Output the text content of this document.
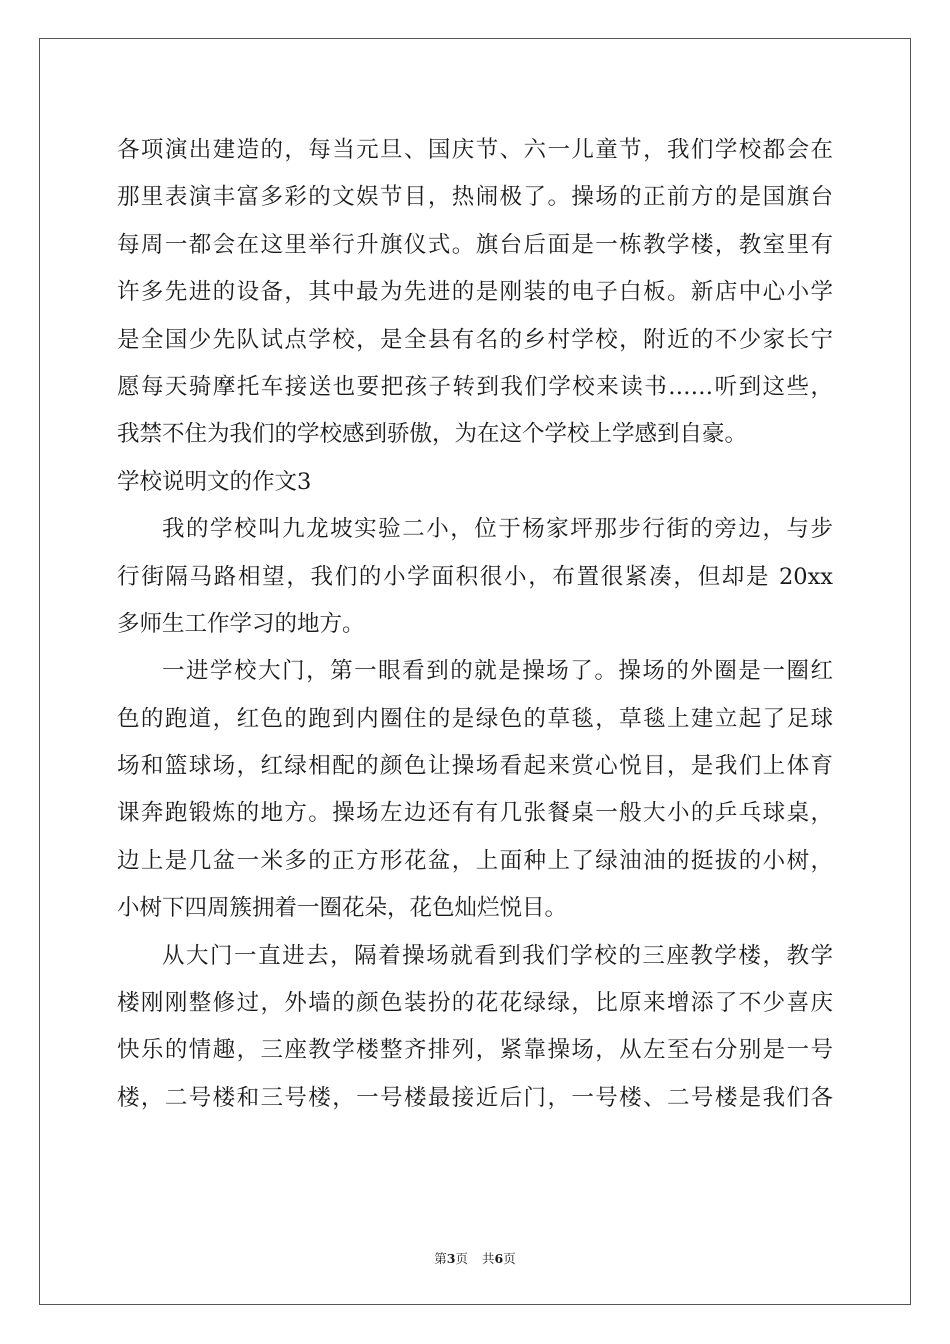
各项演出建造的，每当元旦、国庆节、六一儿童节，我们学校都会在
那里表演丰富多彩的文娱节目，热闹极了。操场的正前方的是国旗台
每周一都会在这里举行升旗仪式。旗台后面是一栋教学楼，教室里有
许多先进的设备，其中最为先进的是刚装的电子白板。新店中心小学
是全国少先队试点学校，是全县有名的乡村学校，附近的不少家长宁
愿每天骑摩托车接送也要把孩子转到我们学校来读书……听到这些，
我禁不住为我们的学校感到骄傲，为在这个学校上学感到自豪。
学校说明文的作文3
我的学校叫九龙坡实验二小，位于杨家坪那步行街的旁边，与步
行街隔马路相望，我们的小学面积很小，布置很紧凑，但却是 20xx
多师生工作学习的地方。
一进学校大门，第一眼看到的就是操场了。操场的外圈是一圈红
色的跑道，红色的跑到内圈住的是绿色的草毯，草毯上建立起了足球
场和篮球场，红绿相配的颜色让操场看起来赏心悦目，是我们上体育
课奔跑锻炼的地方。操场左边还有有几张餐桌一般大小的乒乓球桌，
边上是几盆一米多的正方形花盆，上面种上了绿油油的挺拔的小树，
小树下四周簇拥着一圈花朵，花色灿烂悦目。
从大门一直进去，隔着操场就看到我们学校的三座教学楼，教学
楼刚刚整修过，外墙的颜色装扮的花花绿绿，比原来增添了不少喜庆
快乐的情趣，三座教学楼整齐排列，紧靠操场，从左至右分别是一号
楼，二号楼和三号楼，一号楼最接近后门，一号楼、二号楼是我们各
第3页 共6页
